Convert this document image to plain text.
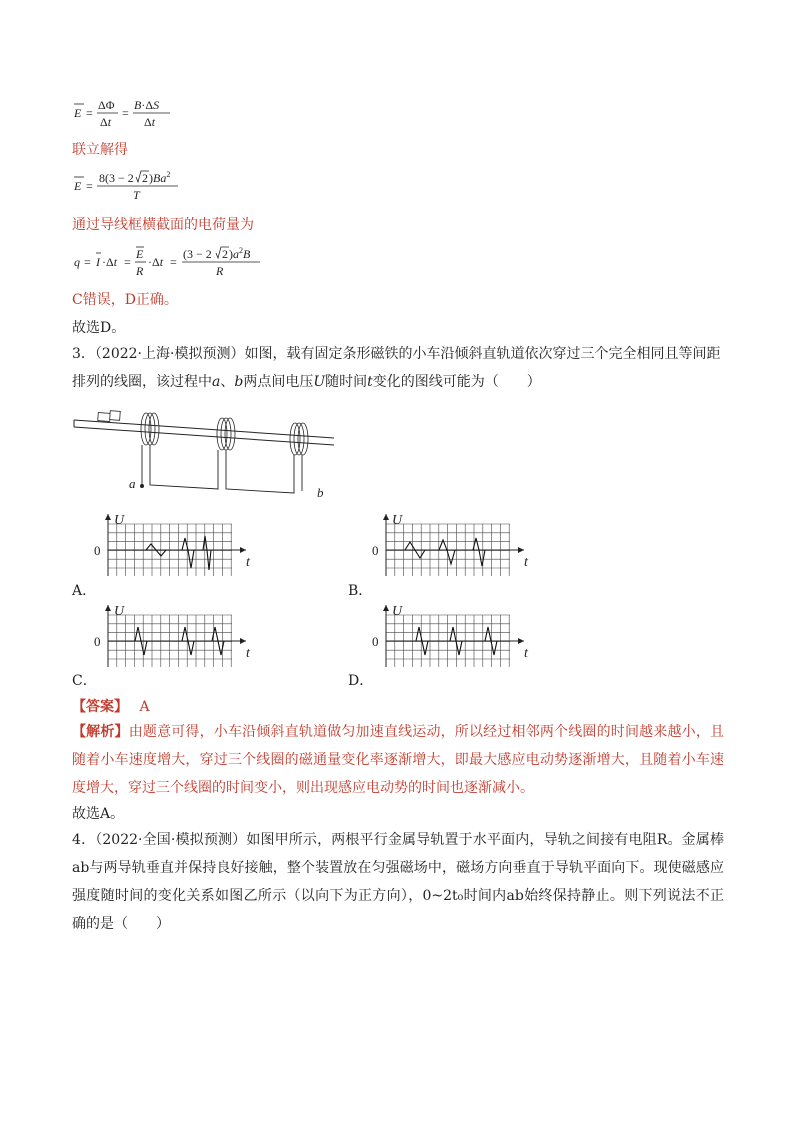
E =
ΔΦ
Δt
=
B·ΔS
Δt
联立解得
E =
8(3 − 2 2 )Ba$^2$
T
通过导线框横截面的电荷量为
q = I ·Δt =
E
R
·Δt =
(3 − 2 2 )$a^2B$
R
C错误，D正确。
故选D。
3．（2022·上海·模拟预测）如图，载有固定条形磁铁的小车沿倾斜直轨道依次穿过三个完全相同且等间距
排列的线圈，该过程中a、b两点间电压U随时间t变化的图线可能为（　　）
a
b
U
0
t
A．
U
0
t
B．
U
0
t
C．
U
0
t
D．
【答案】　 A
【解析】由题意可得，小车沿倾斜直轨道做匀加速直线运动，所以经过相邻两个线圈的时间越来越小，且随着小车速度增大，穿过三个线圈的磁通量变化率逐渐增大，即最大感应电动势逐渐增大，且随着小车速度增大，穿过三个线圈的时间变小，则出现感应电动势的时间也逐渐减小。
故选A。
4．（2022·全国·模拟预测）如图甲所示，两根平行金属导轨置于水平面内，导轨之间接有电阻R。金属棒ab与两导轨垂直并保持良好接触，整个装置放在匀强磁场中，磁场方向垂直于导轨平面向下。现使磁感应强度随时间的变化关系如图乙所示（以向下为正方向），0~2t₀时间内ab始终保持静止。则下列说法不正确的是（　　）
